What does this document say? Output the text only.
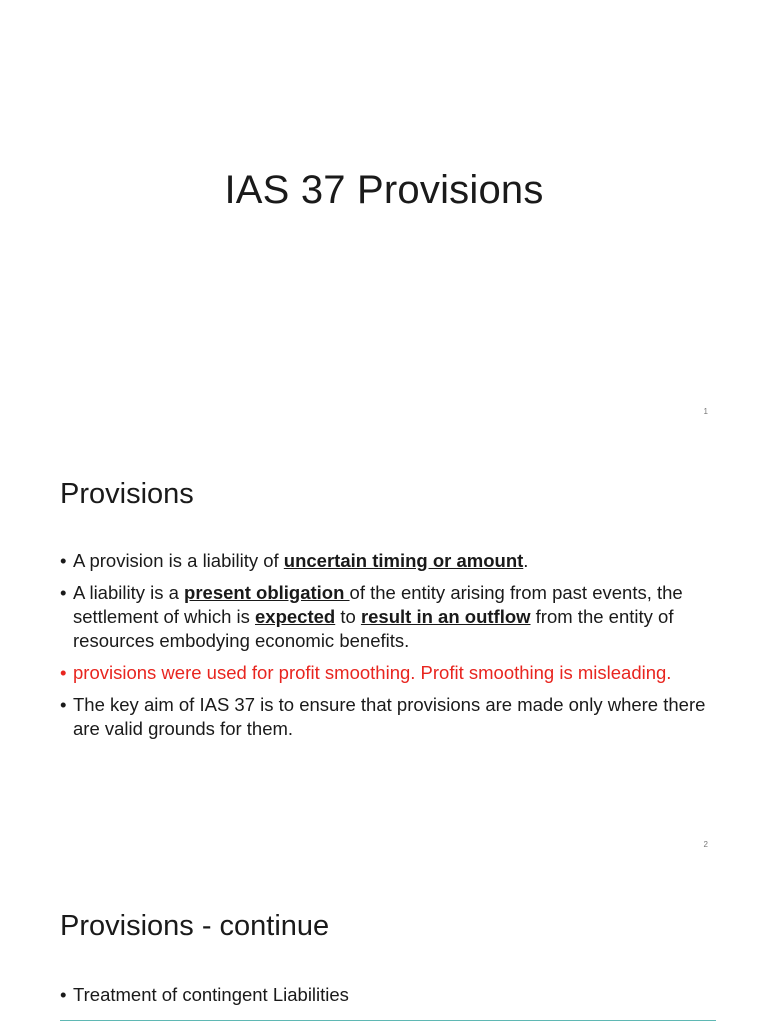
IAS 37 Provisions
1
Provisions
• A provision is a liability of uncertain timing or amount.
• A liability is a present obligation of the entity arising from past events, the settlement of which is expected to result in an outflow from the entity of resources embodying economic benefits.
• provisions were used for profit smoothing. Profit smoothing is misleading.
• The key aim of IAS 37 is to ensure that provisions are made only where there are valid grounds for them.
2
Provisions - continue
• Treatment of contingent Liabilities
